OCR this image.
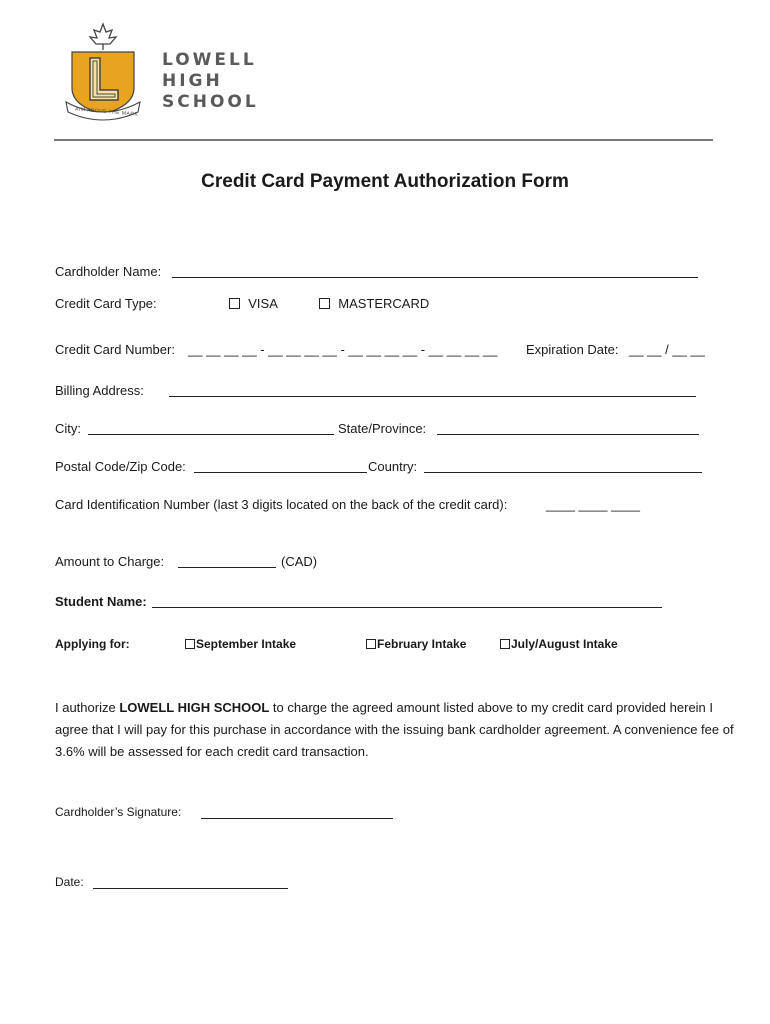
AIM ABOVE THE MARK
LOWELL
HIGH
SCHOOL
Credit Card Payment Authorization Form
Cardholder Name:
Credit Card Type:	VISA	MASTERCARD
Credit Card Number: __ __ __ __ - __ __ __ __ - __ __ __ __ - __ __ __ __ Expiration Date: __ __ / __ __
Billing Address:
City:	State/Province:
Postal Code/Zip Code:	Country:
Card Identification Number (last 3 digits located on the back of the credit card):	____ ____ ____
Amount to Charge:	(CAD)
Student Name:
Applying for:	September Intake	February Intake	July/August Intake
I authorize LOWELL HIGH SCHOOL to charge the agreed amount listed above to my credit card provided herein I agree that I will pay for this purchase in accordance with the issuing bank cardholder agreement. A convenience fee of 3.6% will be assessed for each credit card transaction.
Cardholder’s Signature:
Date:
